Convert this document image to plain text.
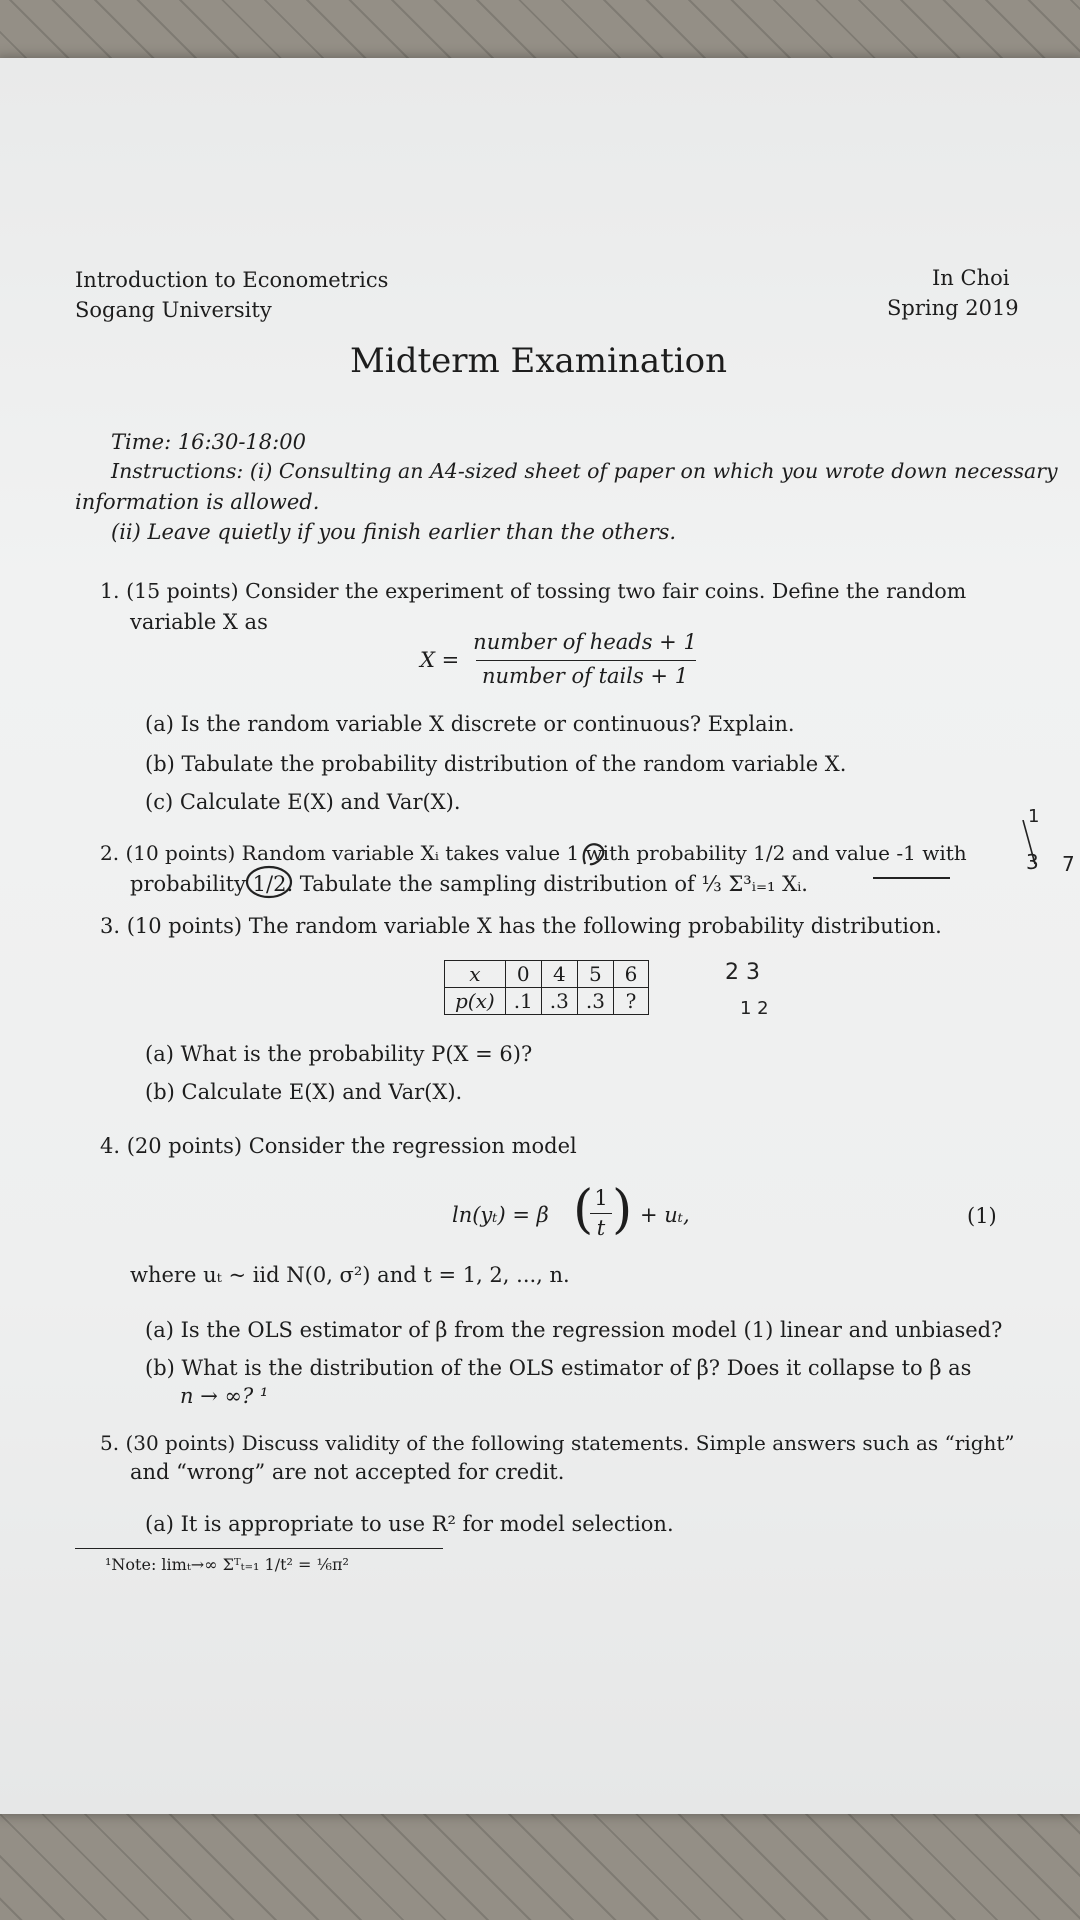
Introduction to Econometrics
Sogang University
In Choi
Spring 2019
Midterm Examination
Time: 16:30-18:00
Instructions: (i) Consulting an A4-sized sheet of paper on which you wrote down necessary
information is allowed.
(ii) Leave quietly if you finish earlier than the others.
1. (15 points) Consider the experiment of tossing two fair coins. Define the random
variable X as
X =
number of heads + 1
number of tails + 1
(a) Is the random variable X discrete or continuous? Explain.
(b) Tabulate the probability distribution of the random variable X.
(c) Calculate E(X) and Var(X).
2. (10 points) Random variable Xᵢ takes value 1 with probability 1/2 and value -1 with
probability 1/2. Tabulate the sampling distribution of ⅓ Σ³ᵢ₌₁ Xᵢ.
1
3 7
3. (10 points) The random variable X has the following probability distribution.
x	0	4	5	6
p(x)	.1	.3	.3	?
2 3
1 2
(a) What is the probability P(X = 6)?
(b) Calculate E(X) and Var(X).
4. (20 points) Consider the regression model
ln(yₜ) = β ( 1
t ) + uₜ,	(1)
where uₜ ~ iid N(0, σ²) and t = 1, 2, ..., n.
(a) Is the OLS estimator of β from the regression model (1) linear and unbiased?
(b) What is the distribution of the OLS estimator of β? Does it collapse to β as
n → ∞? ¹
5. (30 points) Discuss validity of the following statements. Simple answers such as “right”
and “wrong” are not accepted for credit.
(a) It is appropriate to use R² for model selection.
¹Note: limₜ→∞ Σᵀₜ₌₁ 1/t² = ⅙π²
